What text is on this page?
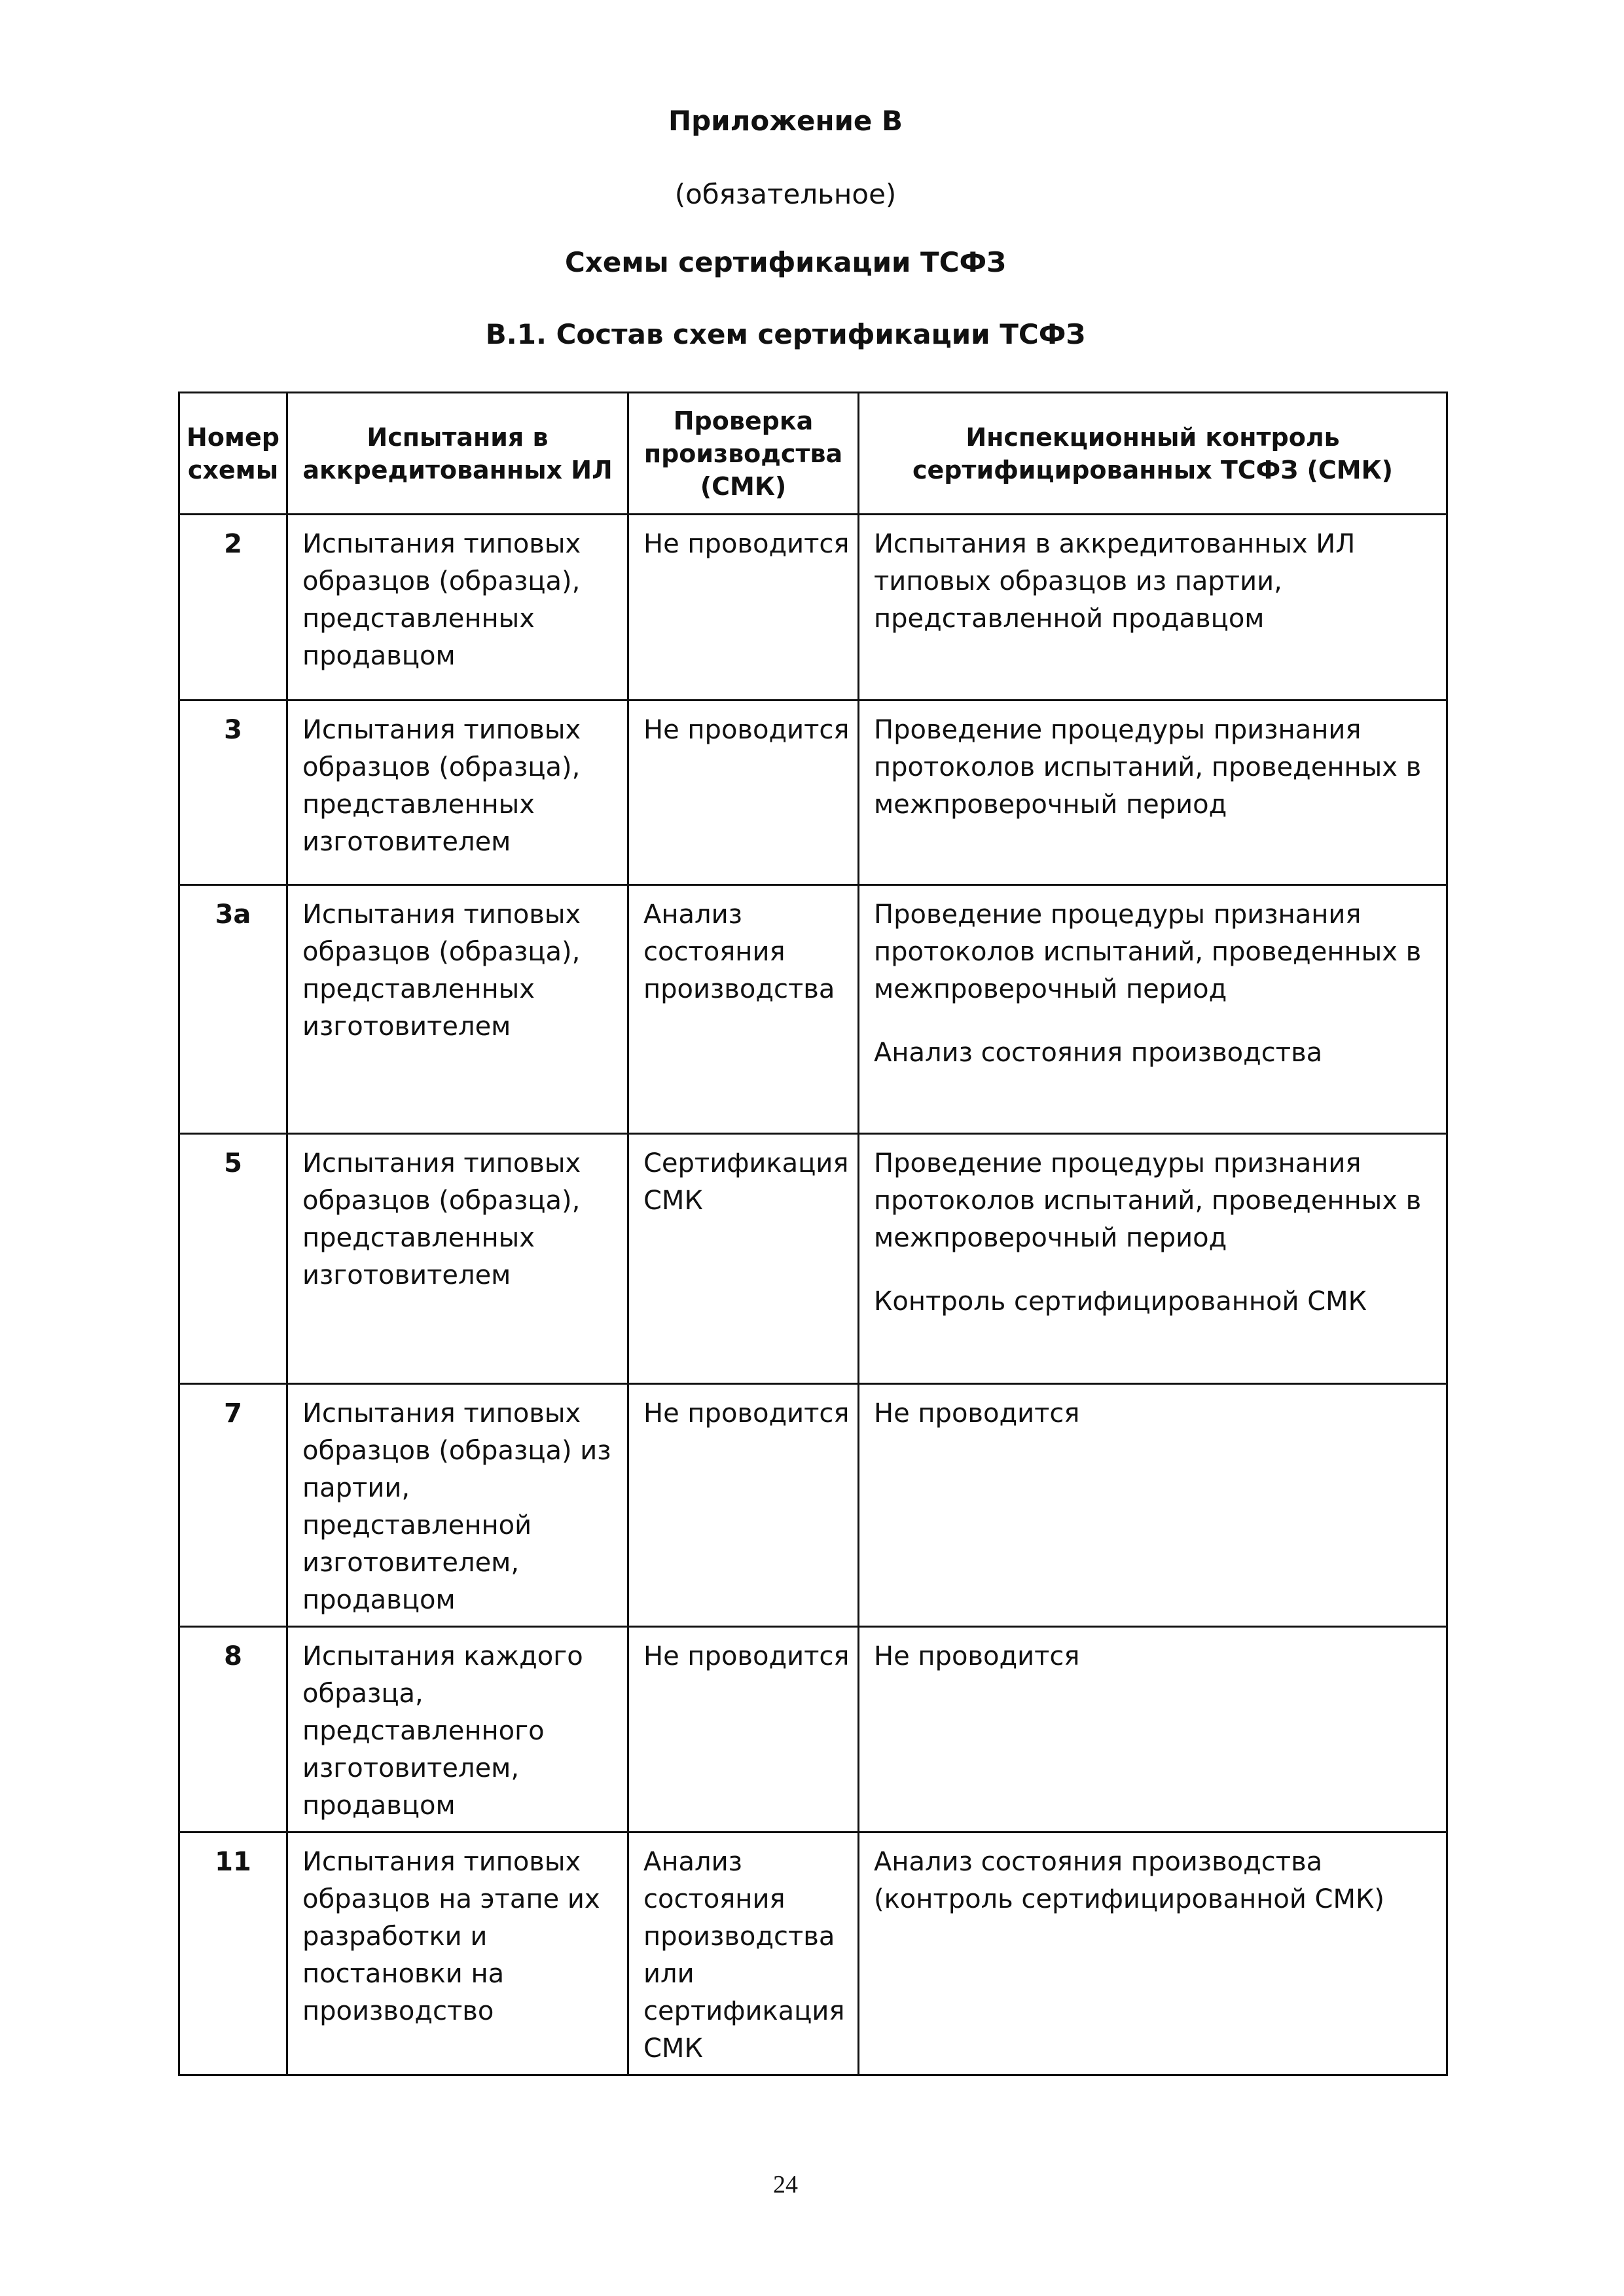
Приложение В
(обязательное)
Схемы сертификации ТСФЗ
В.1. Состав схем сертификации ТСФЗ
Номер схемы	Испытания в аккредитованных ИЛ	Проверка производства (СМК)	Инспекционный контроль сертифицированных ТСФЗ (СМК)
2	Испытания типовых образцов (образца), представленных продавцом	Не проводится	Испытания в аккредитованных ИЛ типовых образцов из партии, представленной продавцом
3	Испытания типовых образцов (образца), представленных изготовителем	Не проводится	Проведение процедуры признания протоколов испытаний, проведенных в межпроверочный период
3а	Испытания типовых образцов (образца), представленных изготовителем	Анализ состояния производства	Проведение процедуры признания протоколов испытаний, проведенных в межпроверочный период
Анализ состояния производства

5	Испытания типовых образцов (образца), представленных изготовителем	Сертификация СМК	Проведение процедуры признания протоколов испытаний, проведенных в межпроверочный период
Контроль сертифицированной СМК

7	Испытания типовых образцов (образца) из партии, представленной изготовителем, продавцом	Не проводится	Не проводится
8	Испытания каждого образца, представленного изготовителем, продавцом	Не проводится	Не проводится
11	Испытания типовых образцов на этапе их разработки и постановки на производство	Анализ состояния производства или сертификация СМК	Анализ состояния производства (контроль сертифицированной СМК)
24
